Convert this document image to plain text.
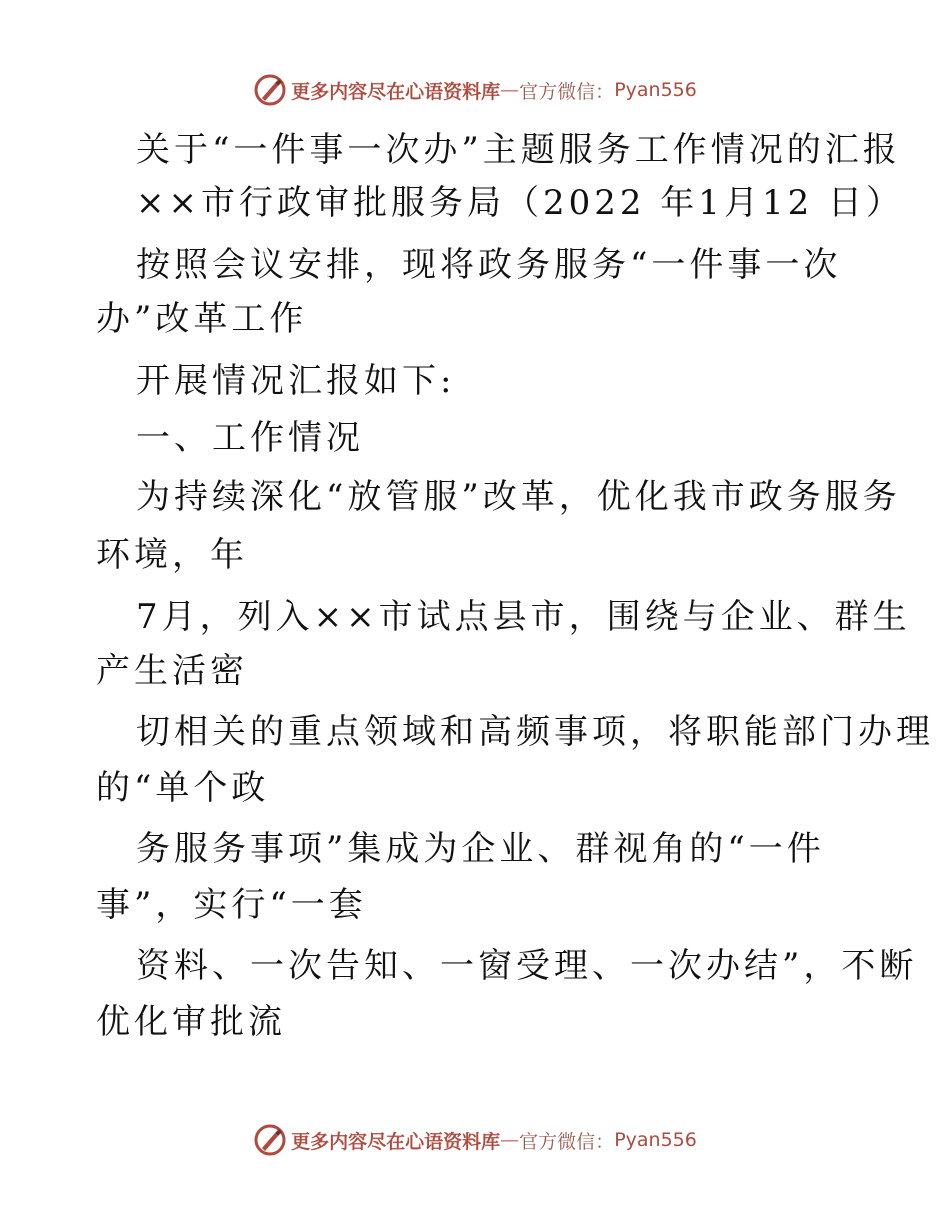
更多内容尽在心语资料库 — 官方微信： Pyan556
关于“一件事一次办”主题服务工作情况的汇报
××市行政审批服务局（2022 年1月12 日）
按照会议安排，现将政务服务“一件事一次
办”改革工作
开展情况汇报如下:
一、工作情况
为持续深化“放管服”改革，优化我市政务服务
环境，年
7月，列入××市试点县市，围绕与企业、群生
产生活密
切相关的重点领域和高频事项，将职能部门办理
的“单个政
务服务事项”集成为企业、群视角的“一件
事”，实行“一套
资料、一次告知、一窗受理、一次办结”，不断
优化审批流
更多内容尽在心语资料库 — 官方微信： Pyan556
